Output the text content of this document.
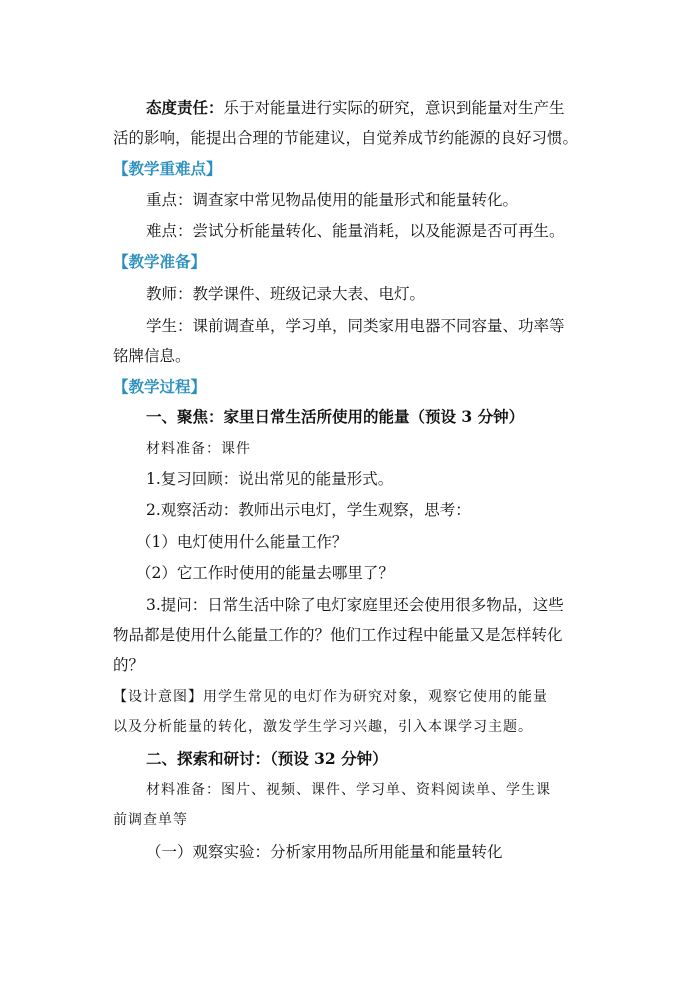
态度责任：乐于对能量进行实际的研究，意识到能量对生产生
活的影响，能提出合理的节能建议，自觉养成节约能源的良好习惯。
【教学重难点】
重点：调查家中常见物品使用的能量形式和能量转化。
难点：尝试分析能量转化、能量消耗，以及能源是否可再生。
【教学准备】
教师：教学课件、班级记录大表、电灯。
学生：课前调查单，学习单，同类家用电器不同容量、功率等
铭牌信息。
【教学过程】
一、聚焦：家里日常生活所使用的能量（预设 3 分钟）
材料准备：课件
1.复习回顾：说出常见的能量形式。
2.观察活动：教师出示电灯，学生观察，思考：
（1）电灯使用什么能量工作？
（2）它工作时使用的能量去哪里了？
3.提问：日常生活中除了电灯家庭里还会使用很多物品，这些
物品都是使用什么能量工作的？他们工作过程中能量又是怎样转化
的？
【设计意图】用学生常见的电灯作为研究对象，观察它使用的能量
以及分析能量的转化，激发学生学习兴趣，引入本课学习主题。
二、探索和研讨：（预设 32 分钟）
材料准备：图片、视频、课件、学习单、资料阅读单、学生课
前调查单等
（一）观察实验：分析家用物品所用能量和能量转化
